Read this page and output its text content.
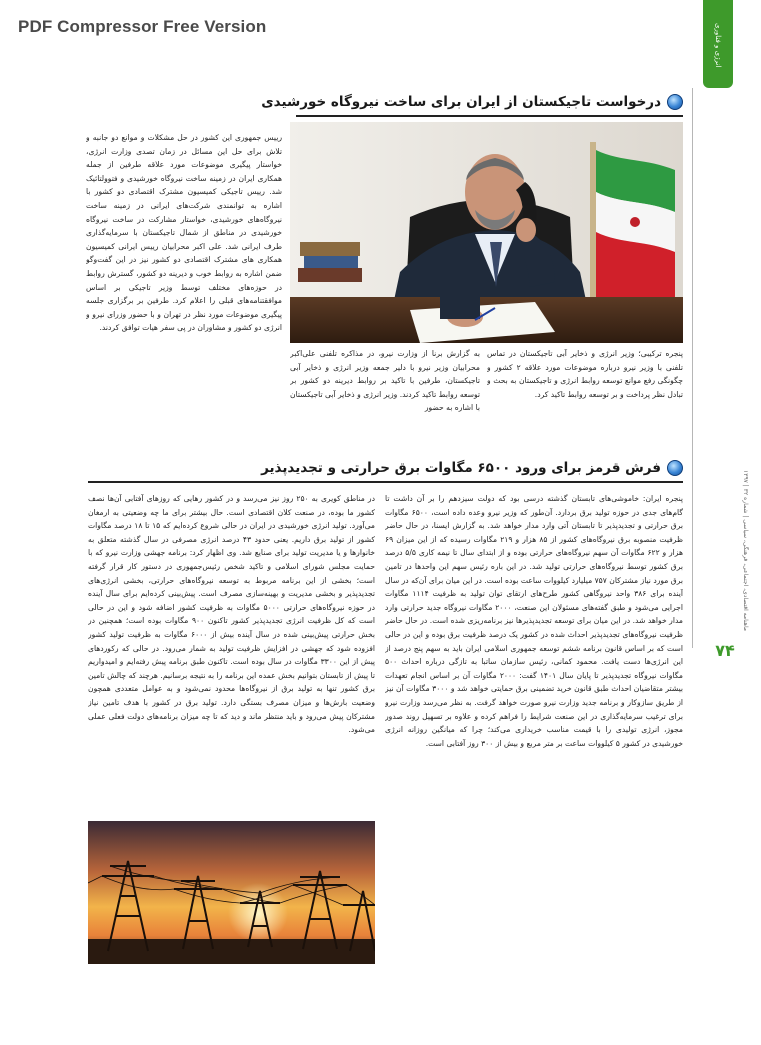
PDF Compressor Free Version	انرژی و فناوری
ماهنامه اقتصادی، اجتماعی، فرهنگی، سیاسی | شماره ۳۲ | ۱۳۹۷
۷۴
درخواست تاجیکستان از ایران برای ساخت نیروگاه خورشیدی
رییس جمهوری این کشور در حل مشکلات و موانع دو جانبه و تلاش برای حل این مسائل در زمان تصدی وزارت انرژی، خواستار پیگیری موضوعات مورد علاقه طرفین از جمله همکاری ایران در زمینه ساخت نیروگاه خورشیدی و فتوولتائیک شد. رییس تاجیکی کمیسیون مشترک اقتصادی دو کشور با اشاره به توانمندی شرکت‌های ایرانی در زمینه ساخت نیروگاه‌های خورشیدی، خواستار مشارکت در ساخت نیروگاه خورشیدی در مناطق از شمال تاجیکستان با سرمایه‌گذاری طرف ایرانی شد. علی اکبر محرابیان رییس ایرانی کمیسیون همکاری های مشترک اقتصادی دو کشور نیز در این گفت‌وگو ضمن اشاره به روابط خوب و دیرینه دو کشور، گسترش روابط در حوزه‌های مختلف توسط وزیر تاجیکی بر اساس موافقتنامه‌های قبلی را اعلام کرد. طرفین بر برگزاری جلسه پیگیری موضوعات مورد نظر در تهران و با حضور وزرای نیرو و انرژی دو کشور و مشاوران در پی سفر هیات توافق کردند.
به گزارش برنا از وزارت نیرو، در مذاکره تلفنی علی‌اکبر محرابیان وزیر نیرو با دلیر جمعه وزیر انرژی و ذخایر آبی تاجیکستان، طرفین با تاکید بر روابط دیرینه دو کشور بر توسعه روابط تاکید کردند. وزیر انرژی و ذخایر آبی تاجیکستان با اشاره به حضور
پنجره ترکیبی؛ وزیر انرژی و ذخایر آبی تاجیکستان در تماس تلفنی با وزیر نیرو درباره موضوعات مورد علاقه ۲ کشور و چگونگی رفع موانع توسعه روابط انرژی و تاجیکستان به بحث و تبادل نظر پرداخت و بر توسعه روابط تاکید کرد.
فرش قرمز برای ورود ۶۵۰۰ مگاوات برق حرارتی و تجدیدپذیر
پنجره ایران: خاموشی‌های تابستان گذشته درسی بود که دولت سیزدهم را بر آن داشت تا گام‌های جدی در حوزه تولید برق بردارد. آن‌طور که وزیر نیرو وعده داده است، ۶۵۰۰ مگاوات برق حرارتی و تجدیدپذیر تا تابستان آتی وارد مدار خواهد شد. به گزارش ایسنا، در حال حاضر ظرفیت منصوبه برق نیروگاه‌های کشور از ۸۵ هزار و ۲۱۹ مگاوات رسیده که از این میزان ۶۹ هزار و ۶۲۲ مگاوات آن سهم نیروگاه‌های حرارتی بوده و از ابتدای سال تا نیمه کاری ۵/۵ درصد برق کشور توسط نیروگاه‌های حرارتی تولید شد. در این باره رئیس سهم این واحدها در تامین برق مورد نیاز مشترکان ۷۵۷ میلیارد کیلووات ساعت بوده است. در این میان برای آن‌که در سال آینده برای ۳۸۶ واحد نیروگاهی کشور طرح‌های ارتقای توان تولید به ظرفیت ۱۱۱۴ مگاوات اجرایی می‌شود و طبق گفته‌های مسئولان این صنعت، ۲۰۰۰ مگاوات نیروگاه جدید حرارتی وارد مدار خواهد شد. در این میان برای توسعه تجدیدپذیرها نیز برنامه‌ریزی شده است. در حال حاضر ظرفیت نیروگاه‌های تجدیدپذیر احداث شده در کشور یک درصد ظرفیت برق بوده و این در حالی است که بر اساس قانون برنامه ششم توسعه جمهوری اسلامی ایران باید به سهم پنج درصد از این انرژی‌ها دست یافت. محمود کمانی، رئیس سازمان ساتبا به تازگی درباره احداث ۵۰۰ مگاوات نیروگاه تجدیدپذیر تا پایان سال ۱۴۰۱ گفت: ۲۰۰۰ مگاوات آن بر اساس انجام تعهدات بیشتر متقاضیان احداث طبق قانون خرید تضمینی برق حمایتی خواهد شد و ۳۰۰۰ مگاوات آن نیز از طریق سازوکار و برنامه جدید وزارت نیرو صورت خواهد گرفت. به نظر می‌رسد وزارت نیرو برای ترغیب سرمایه‌گذاری در این صنعت شرایط را فراهم کرده و علاوه بر تسهیل روند صدور مجوز، انرژی تولیدی را با قیمت مناسب خریداری می‌کند؛ چرا که میانگین روزانه انرژی خورشیدی در کشور ۵ کیلووات ساعت بر متر مربع و بیش از ۳۰۰ روز آفتابی است.
در مناطق کویری به ۲۵۰ روز نیز می‌رسد و در کشور رهایی که روزهای آفتابی آن‌ها نصف کشور ما بوده، در صنعت کلان اقتصادی است. حال بیشتر برای ما چه وضعیتی به ارمغان می‌آورد. تولید انرژی خورشیدی در ایران در حالی شروع کرده‌ایم که ۱۵ تا ۱۸ درصد مگاوات کشور از تولید برق داریم. یعنی حدود ۴۳ درصد انرژی مصرفی در سال گذشته متعلق به خانوارها و یا مدیریت تولید برای صنایع شد. وی اظهار کرد: برنامه جهشی وزارت نیرو که با حمایت مجلس شورای اسلامی و تاکید شخص رئیس‌جمهوری در دستور کار قرار گرفته است؛ بخشی از این برنامه مربوط به توسعه نیروگاه‌های حرارتی، بخشی انرژی‌های تجدیدپذیر و بخشی مدیریت و بهینه‌سازی مصرف است. پیش‌بینی کرده‌ایم برای سال آینده در حوزه نیروگاه‌های حرارتی ۵۰۰۰ مگاوات به ظرفیت کشور اضافه شود و این در حالی است که کل ظرفیت انرژی تجدیدپذیر کشور تاکنون ۹۰۰ مگاوات بوده است؛ همچنین در بخش حرارتی پیش‌بینی شده در سال آینده بیش از ۶۰۰۰ مگاوات به ظرفیت تولید کشور افزوده شود که جهشی در افزایش ظرفیت تولید به شمار می‌رود. در حالی که رکوردهای پیش از این ۳۳۰۰ مگاوات در سال بوده است. تاکنون طبق برنامه پیش رفته‌ایم و امیدواریم تا پیش از تابستان بتوانیم بخش عمده این برنامه را به نتیجه برسانیم. هرچند که چالش تامین برق کشور تنها به تولید برق از نیروگاه‌ها محدود نمی‌شود و به عوامل متعددی همچون وضعیت بارش‌ها و میزان مصرف بستگی دارد. تولید برق در کشور با هدف تامین نیاز مشترکان پیش می‌رود و باید منتظر ماند و دید که تا چه میزان برنامه‌های دولت فعلی عملی می‌شود.
